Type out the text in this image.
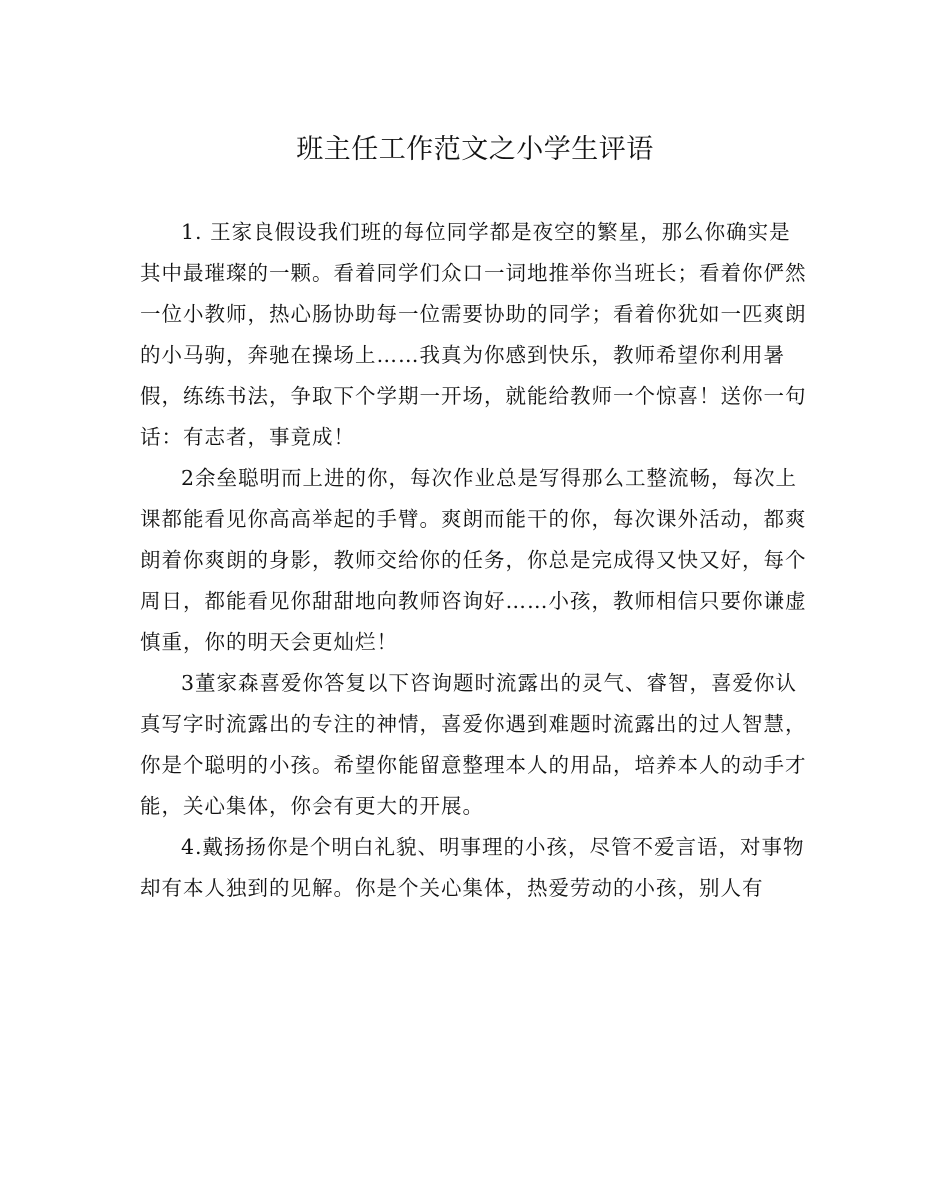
班主任工作范文之小学生评语

1. 王家良假设我们班的每位同学都是夜空的繁星，那么你确实是其中最璀璨的一颗。看着同学们众口一词地推举你当班长；看着你俨然一位小教师，热心肠协助每一位需要协助的同学；看着你犹如一匹爽朗的小马驹，奔驰在操场上……我真为你感到快乐，教师希望你利用暑假，练练书法，争取下个学期一开场，就能给教师一个惊喜！送你一句话：有志者，事竟成！

2余垒聪明而上进的你，每次作业总是写得那么工整流畅，每次上课都能看见你高高举起的手臂。爽朗而能干的你，每次课外活动，都爽朗着你爽朗的身影，教师交给你的任务，你总是完成得又快又好，每个周日，都能看见你甜甜地向教师咨询好……小孩，教师相信只要你谦虚慎重，你的明天会更灿烂！

3董家森喜爱你答复以下咨询题时流露出的灵气、睿智，喜爱你认真写字时流露出的专注的神情，喜爱你遇到难题时流露出的过人智慧，你是个聪明的小孩。希望你能留意整理本人的用品，培养本人的动手才能，关心集体，你会有更大的开展。

4.戴扬扬你是个明白礼貌、明事理的小孩，尽管不爱言语，对事物却有本人独到的见解。你是个关心集体，热爱劳动的小孩，别人有
